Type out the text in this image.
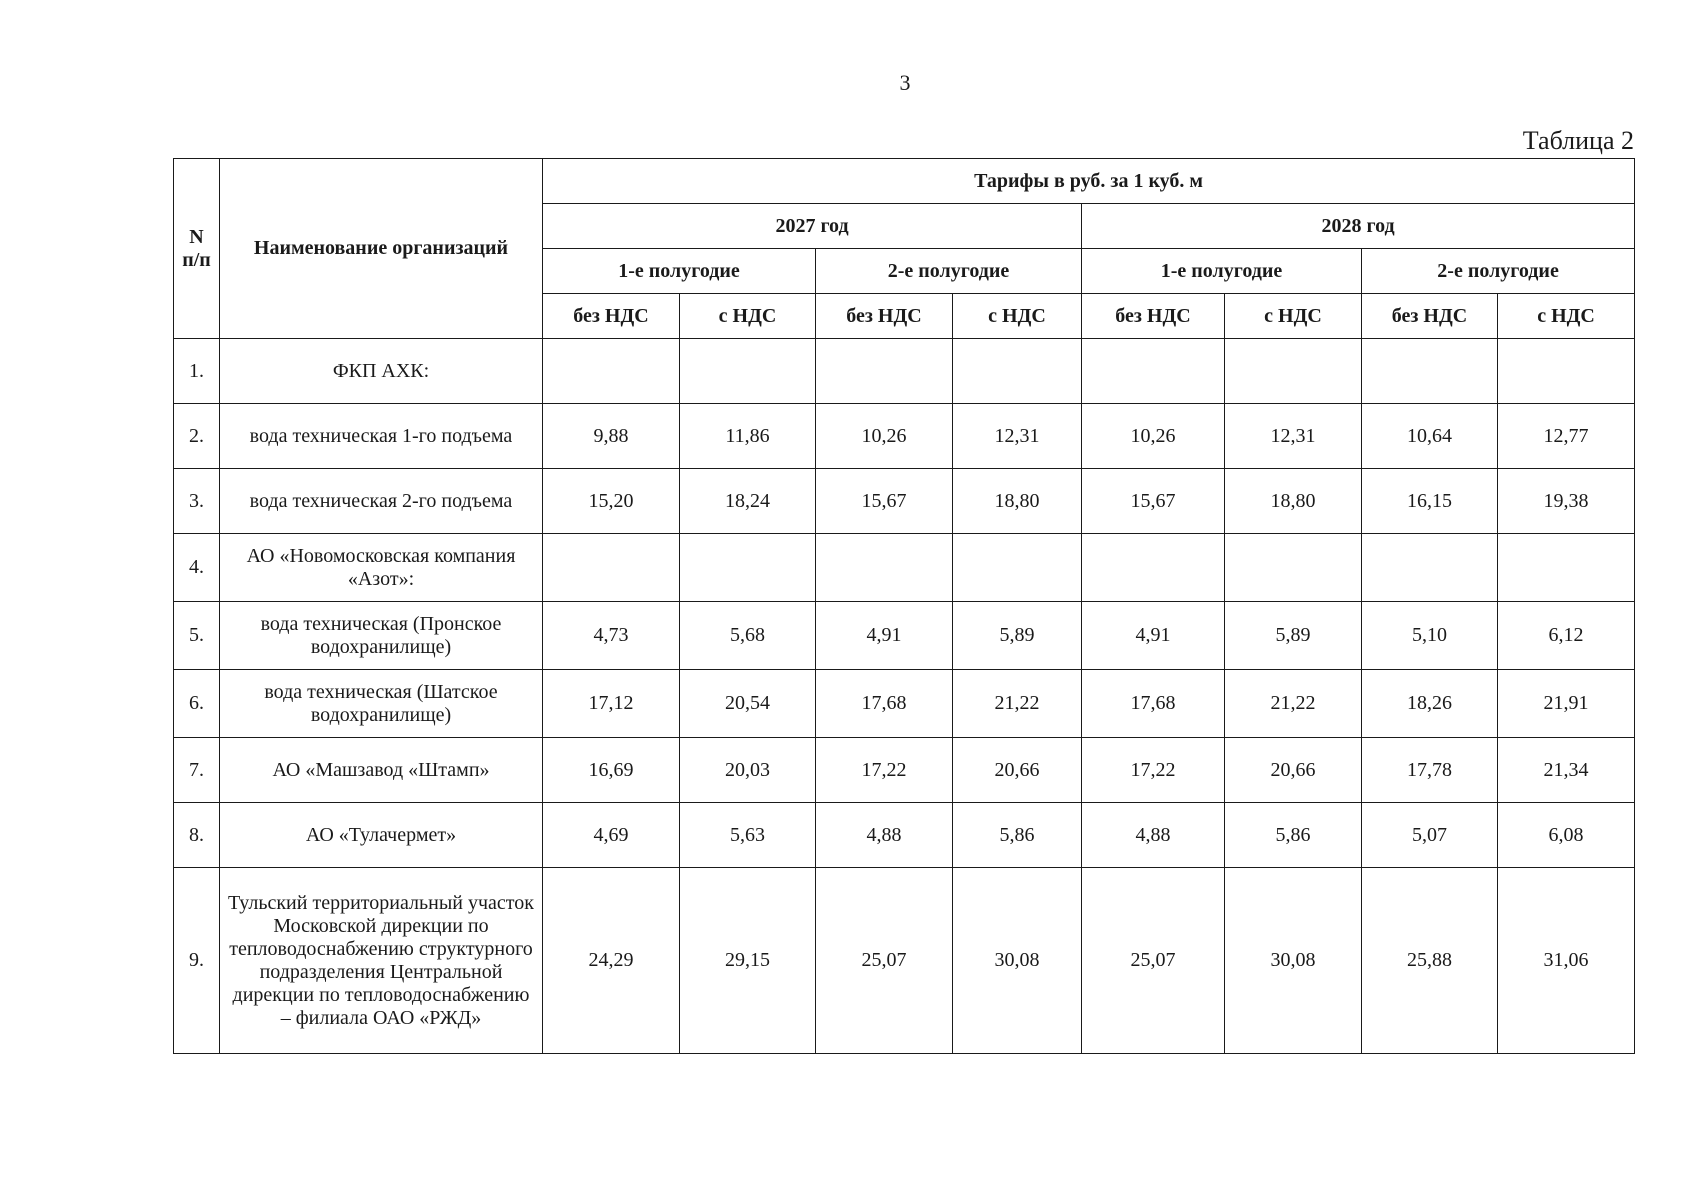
3
Таблица 2
N
п/п	Наименование организаций	Тарифы в руб. за 1 куб. м							
		2027 год				2028 год			
		1-е полугодие		2-е полугодие		1-е полугодие		2-е полугодие	
		без НДС	с НДС	без НДС	с НДС	без НДС	с НДС	без НДС	с НДС
1.	ФКП АХК:								
2.	вода техническая 1-го подъема	9,88	11,86	10,26	12,31	10,26	12,31	10,64	12,77
3.	вода техническая 2-го подъема	15,20	18,24	15,67	18,80	15,67	18,80	16,15	19,38
4.	АО «Новомосковская компания «Азот»:								
5.	вода техническая (Пронское водохранилище)	4,73	5,68	4,91	5,89	4,91	5,89	5,10	6,12
6.	вода техническая (Шатское водохранилище)	17,12	20,54	17,68	21,22	17,68	21,22	18,26	21,91
7.	АО «Машзавод «Штамп»	16,69	20,03	17,22	20,66	17,22	20,66	17,78	21,34
8.	АО «Тулачермет»	4,69	5,63	4,88	5,86	4,88	5,86	5,07	6,08
9.	Тульский территориальный участок Московской дирекции по тепловодоснабжению структурного подразделения Центральной дирекции по тепловодоснабжению – филиала ОАО «РЖД»	24,29	29,15	25,07	30,08	25,07	30,08	25,88	31,06
